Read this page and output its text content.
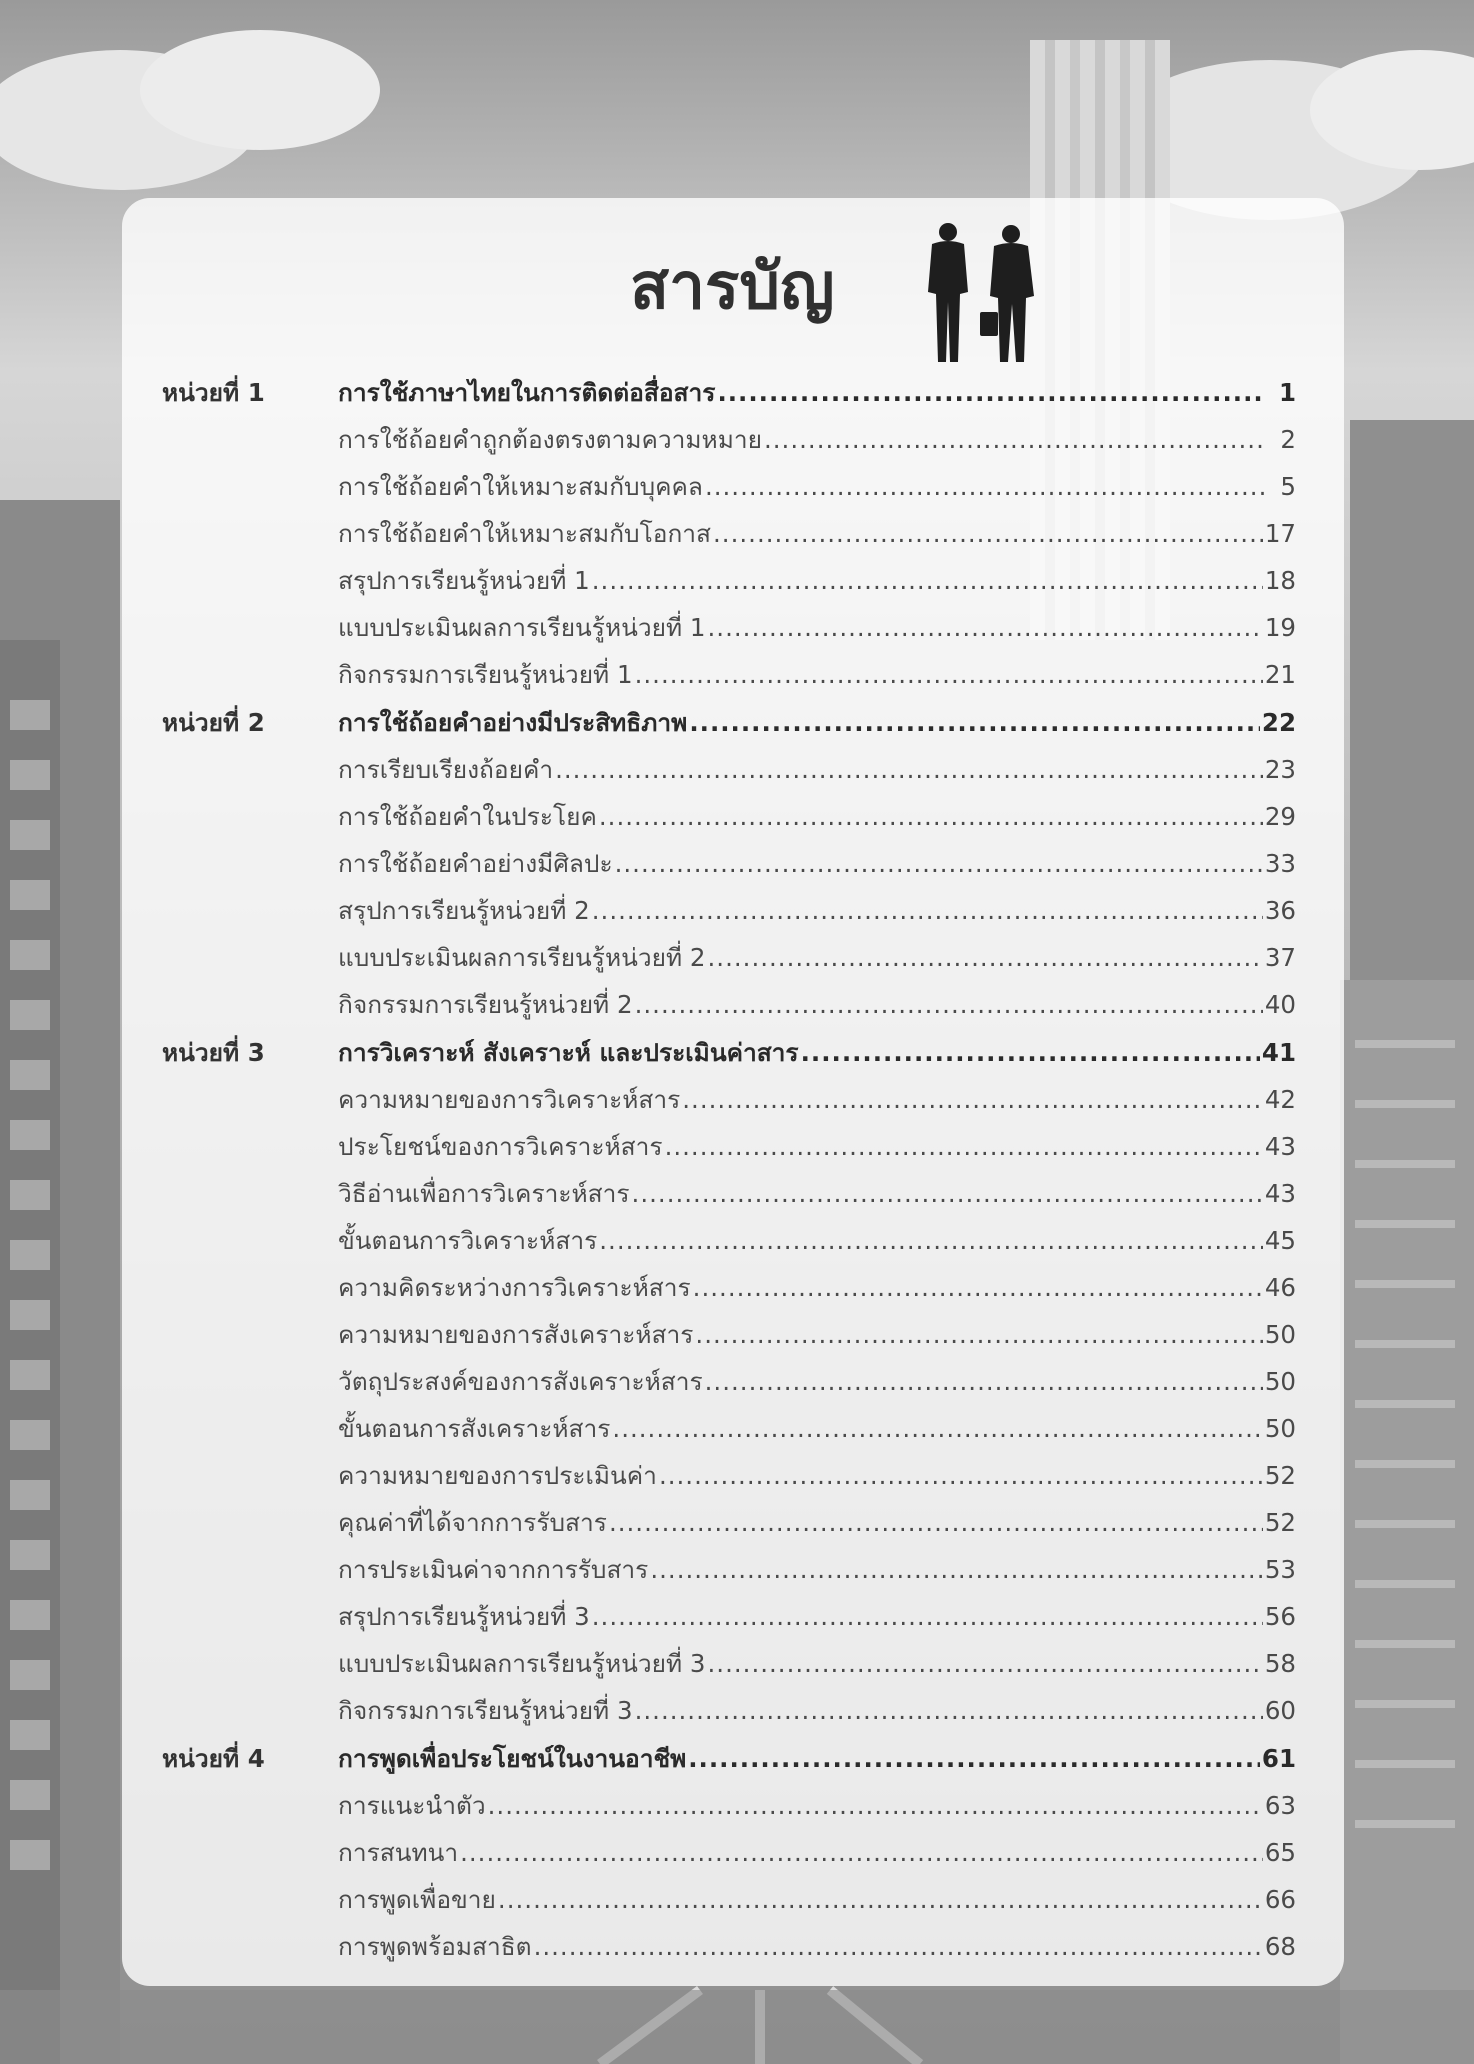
สารบัญ
หน่วยที่ 1	การใช้ภาษาไทยในการติดต่อสื่อสาร .....	1
การใช้ถ้อยคำถูกต้องตรงตามความหมาย .....	2
การใช้ถ้อยคำให้เหมาะสมกับบุคคล .....	5
การใช้ถ้อยคำให้เหมาะสมกับโอกาส .....	17
สรุปการเรียนรู้หน่วยที่ 1 .....	18
แบบประเมินผลการเรียนรู้หน่วยที่ 1 .....	19
กิจกรรมการเรียนรู้หน่วยที่ 1 .....	21
หน่วยที่ 2	การใช้ถ้อยคำอย่างมีประสิทธิภาพ .....	22
การเรียบเรียงถ้อยคำ .....	23
การใช้ถ้อยคำในประโยค .....	29
การใช้ถ้อยคำอย่างมีศิลปะ .....	33
สรุปการเรียนรู้หน่วยที่ 2 .....	36
แบบประเมินผลการเรียนรู้หน่วยที่ 2 .....	37
กิจกรรมการเรียนรู้หน่วยที่ 2 .....	40
หน่วยที่ 3	การวิเคราะห์ สังเคราะห์ และประเมินค่าสาร .....	41
ความหมายของการวิเคราะห์สาร .....	42
ประโยชน์ของการวิเคราะห์สาร .....	43
วิธีอ่านเพื่อการวิเคราะห์สาร .....	43
ขั้นตอนการวิเคราะห์สาร .....	45
ความคิดระหว่างการวิเคราะห์สาร .....	46
ความหมายของการสังเคราะห์สาร .....	50
วัตถุประสงค์ของการสังเคราะห์สาร .....	50
ขั้นตอนการสังเคราะห์สาร .....	50
ความหมายของการประเมินค่า .....	52
คุณค่าที่ได้จากการรับสาร .....	52
การประเมินค่าจากการรับสาร .....	53
สรุปการเรียนรู้หน่วยที่ 3 .....	56
แบบประเมินผลการเรียนรู้หน่วยที่ 3 .....	58
กิจกรรมการเรียนรู้หน่วยที่ 3 .....	60
หน่วยที่ 4	การพูดเพื่อประโยชน์ในงานอาชีพ .....	61
การแนะนำตัว .....	63
การสนทนา .....	65
การพูดเพื่อขาย .....	66
การพูดพร้อมสาธิต .....	68
